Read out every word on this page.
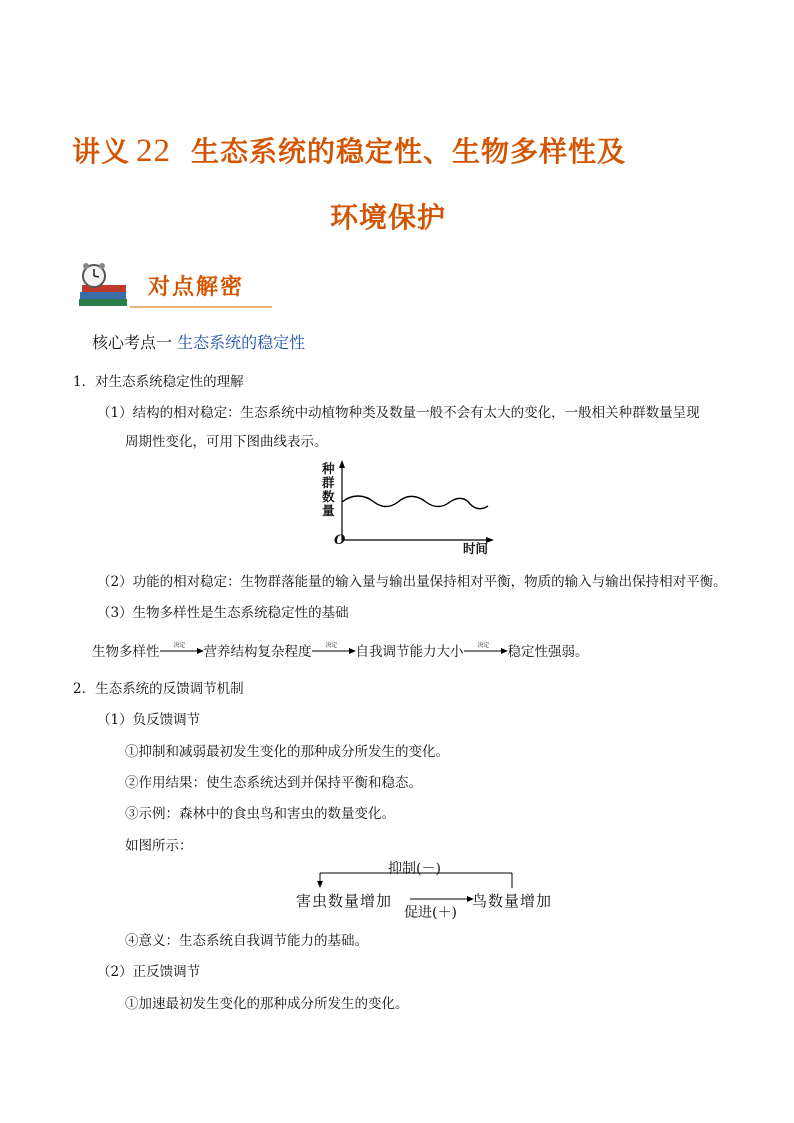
讲义 22 生态系统的稳定性、生物多样性及
环境保护
对点解密
核心考点一 生态系统的稳定性
1．对生态系统稳定性的理解
（1）结构的相对稳定：生态系统中动植物种类及数量一般不会有太大的变化，一般相关种群数量呈现
周期性变化，可用下图曲线表示。
种
群
数
量
O
时间
（2）功能的相对稳定：生物群落能量的输入量与输出量保持相对平衡，物质的输入与输出保持相对平衡。
（3）生物多样性是生态系统稳定性的基础
生物多样性 决定 营养结构复杂程度 决定 自我调节能力大小 决定 稳定性强弱。
2．生态系统的反馈调节机制
（1）负反馈调节
①抑制和减弱最初发生变化的那种成分所发生的变化。
②作用结果：使生态系统达到并保持平衡和稳态。
③示例：森林中的食虫鸟和害虫的数量变化。
如图所示：
抑制(－)
害虫数量增加	鸟数量增加
促进(＋)
④意义：生态系统自我调节能力的基础。
（2）正反馈调节
①加速最初发生变化的那种成分所发生的变化。
